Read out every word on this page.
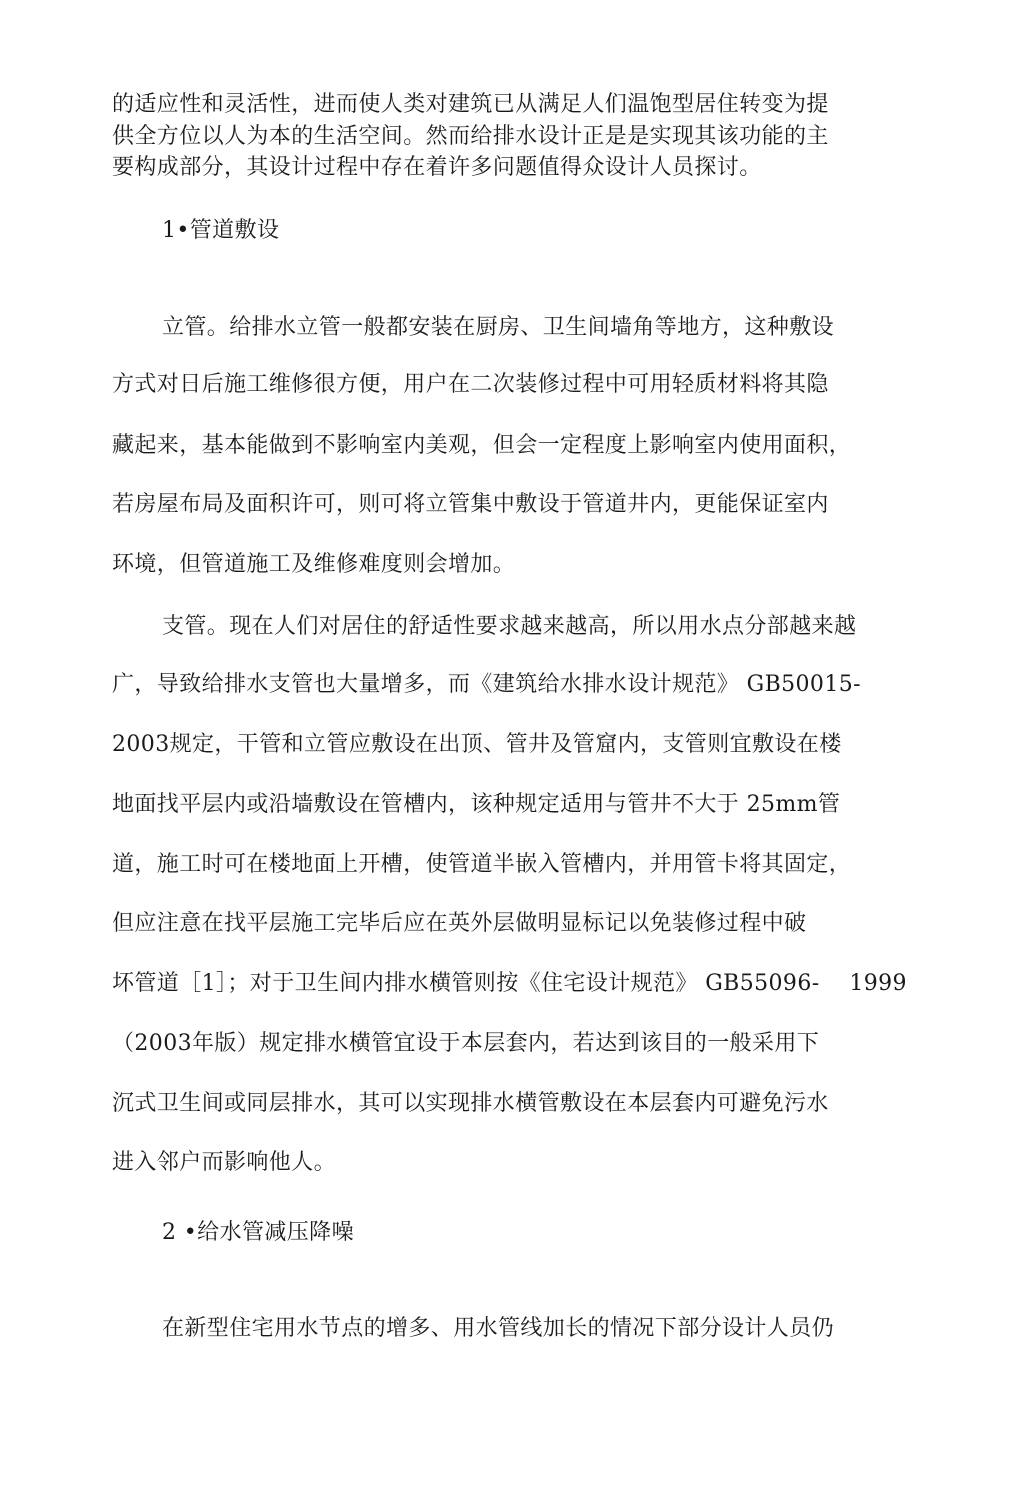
的适应性和灵活性，进而使人类对建筑已从满足人们温饱型居住转变为提
供全方位以人为本的生活空间。然而给排水设计正是是实现其该功能的主
要构成部分，其设计过程中存在着许多问题值得众设计人员探讨。
1•管道敷设
立管。给排水立管一般都安装在厨房、卫生间墙角等地方，这种敷设
方式对日后施工维修很方便，用户在二次装修过程中可用轻质材料将其隐
藏起来，基本能做到不影响室内美观，但会一定程度上影响室内使用面积，
若房屋布局及面积许可，则可将立管集中敷设于管道井内，更能保证室内
环境，但管道施工及维修难度则会增加。
支管。现在人们对居住的舒适性要求越来越高，所以用水点分部越来越
广，导致给排水支管也大量增多，而《建筑给水排水设计规范》 GB50015-
2003规定，干管和立管应敷设在出顶、管井及管窟内，支管则宜敷设在楼
地面找平层内或沿墙敷设在管槽内，该种规定适用与管井不大于 25mm管
道，施工时可在楼地面上开槽，使管道半嵌入管槽内，并用管卡将其固定，
但应注意在找平层施工完毕后应在英外层做明显标记以免装修过程中破
坏管道［1］；对于卫生间内排水横管则按《住宅设计规范》 GB55096-　 1999
（2003年版）规定排水横管宜设于本层套内，若达到该目的一般采用下
沉式卫生间或同层排水，其可以实现排水横管敷设在本层套内可避免污水
进入邻户而影响他人。
2 •给水管减压降噪
在新型住宅用水节点的增多、用水管线加长的情况下部分设计人员仍
